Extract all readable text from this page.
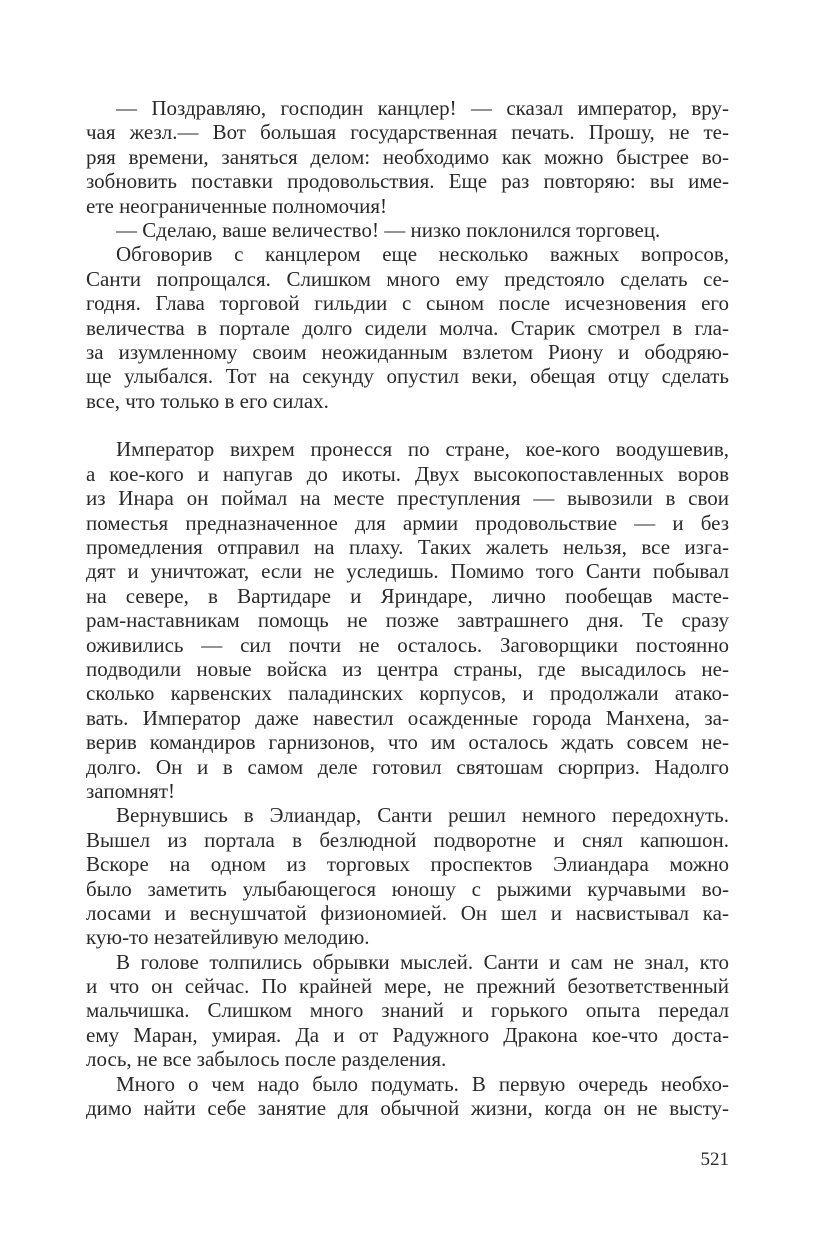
— Поздравляю, господин канцлер! — сказал император, вру-
чая жезл.— Вот большая государственная печать. Прошу, не те-
ряя времени, заняться делом: необходимо как можно быстрее во-
зобновить поставки продовольствия. Еще раз повторяю: вы име-
ете неограниченные полномочия!
— Сделаю, ваше величество! — низко поклонился торговец.
Обговорив с канцлером еще несколько важных вопросов,
Санти попрощался. Слишком много ему предстояло сделать се-
годня. Глава торговой гильдии с сыном после исчезновения его
величества в портале долго сидели молча. Старик смотрел в гла-
за изумленному своим неожиданным взлетом Риону и ободряю-
ще улыбался. Тот на секунду опустил веки, обещая отцу сделать
все, что только в его силах.
Император вихрем пронесся по стране, кое-кого воодушевив,
а кое-кого и напугав до икоты. Двух высокопоставленных воров
из Инара он поймал на месте преступления — вывозили в свои
поместья предназначенное для армии продовольствие — и без
промедления отправил на плаху. Таких жалеть нельзя, все изга-
дят и уничтожат, если не уследишь. Помимо того Санти побывал
на севере, в Вартидаре и Яриндаре, лично пообещав масте-
рам-наставникам помощь не позже завтрашнего дня. Те сразу
оживились — сил почти не осталось. Заговорщики постоянно
подводили новые войска из центра страны, где высадилось не-
сколько карвенских паладинских корпусов, и продолжали атако-
вать. Император даже навестил осажденные города Манхена, за-
верив командиров гарнизонов, что им осталось ждать совсем не-
долго. Он и в самом деле готовил святошам сюрприз. Надолго
запомнят!
Вернувшись в Элиандар, Санти решил немного передохнуть.
Вышел из портала в безлюдной подворотне и снял капюшон.
Вскоре на одном из торговых проспектов Элиандара можно
было заметить улыбающегося юношу с рыжими курчавыми во-
лосами и веснушчатой физиономией. Он шел и насвистывал ка-
кую-то незатейливую мелодию.
В голове толпились обрывки мыслей. Санти и сам не знал, кто
и что он сейчас. По крайней мере, не прежний безответственный
мальчишка. Слишком много знаний и горького опыта передал
ему Маран, умирая. Да и от Радужного Дракона кое-что доста-
лось, не все забылось после разделения.
Много о чем надо было подумать. В первую очередь необхо-
димо найти себе занятие для обычной жизни, когда он не высту-
521
